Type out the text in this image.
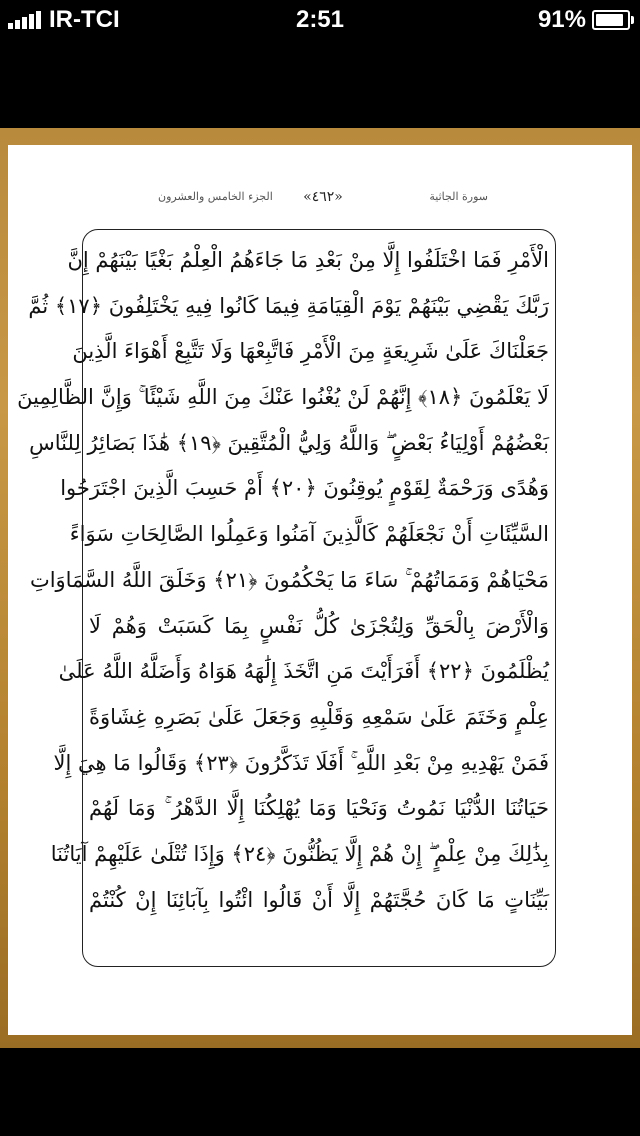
IR-TCI	2:51	91%
الجزء الخامس والعشرون «٤٦٢»	سورة الجاثية
الْأَمْرِ فَمَا اخْتَلَفُوا إِلَّا مِنْ بَعْدِ مَا جَاءَهُمُ الْعِلْمُ بَغْيًا بَيْنَهُمْ إِنَّ
رَبَّكَ يَقْضِي بَيْنَهُمْ يَوْمَ الْقِيَامَةِ فِيمَا كَانُوا فِيهِ يَخْتَلِفُونَ ﴿١٧﴾ ثُمَّ
جَعَلْنَاكَ عَلَىٰ شَرِيعَةٍ مِنَ الْأَمْرِ فَاتَّبِعْهَا وَلَا تَتَّبِعْ أَهْوَاءَ الَّذِينَ
لَا يَعْلَمُونَ ﴿١٨﴾ إِنَّهُمْ لَنْ يُغْنُوا عَنْكَ مِنَ اللَّهِ شَيْئًا ۚ وَإِنَّ الظَّالِمِينَ
بَعْضُهُمْ أَوْلِيَاءُ بَعْضٍ ۖ وَاللَّهُ وَلِيُّ الْمُتَّقِينَ ﴿١٩﴾ هَٰذَا بَصَائِرُ لِلنَّاسِ
وَهُدًى وَرَحْمَةٌ لِقَوْمٍ يُوقِنُونَ ﴿٢٠﴾ أَمْ حَسِبَ الَّذِينَ اجْتَرَحُوا
السَّيِّئَاتِ أَنْ نَجْعَلَهُمْ كَالَّذِينَ آمَنُوا وَعَمِلُوا الصَّالِحَاتِ سَوَاءً
مَحْيَاهُمْ وَمَمَاتُهُمْ ۚ سَاءَ مَا يَحْكُمُونَ ﴿٢١﴾ وَخَلَقَ اللَّهُ السَّمَاوَاتِ
وَالْأَرْضَ بِالْحَقِّ وَلِتُجْزَىٰ كُلُّ نَفْسٍ بِمَا كَسَبَتْ وَهُمْ لَا
يُظْلَمُونَ ﴿٢٢﴾ أَفَرَأَيْتَ مَنِ اتَّخَذَ إِلَٰهَهُ هَوَاهُ وَأَضَلَّهُ اللَّهُ عَلَىٰ
عِلْمٍ وَخَتَمَ عَلَىٰ سَمْعِهِ وَقَلْبِهِ وَجَعَلَ عَلَىٰ بَصَرِهِ غِشَاوَةً
فَمَنْ يَهْدِيهِ مِنْ بَعْدِ اللَّهِ ۚ أَفَلَا تَذَكَّرُونَ ﴿٢٣﴾ وَقَالُوا مَا هِيَ إِلَّا
حَيَاتُنَا الدُّنْيَا نَمُوتُ وَنَحْيَا وَمَا يُهْلِكُنَا إِلَّا الدَّهْرُ ۚ وَمَا لَهُمْ
بِذَٰلِكَ مِنْ عِلْمٍ ۖ إِنْ هُمْ إِلَّا يَظُنُّونَ ﴿٢٤﴾ وَإِذَا تُتْلَىٰ عَلَيْهِمْ آيَاتُنَا
بَيِّنَاتٍ مَا كَانَ حُجَّتَهُمْ إِلَّا أَنْ قَالُوا ائْتُوا بِآبَائِنَا إِنْ كُنْتُمْ
